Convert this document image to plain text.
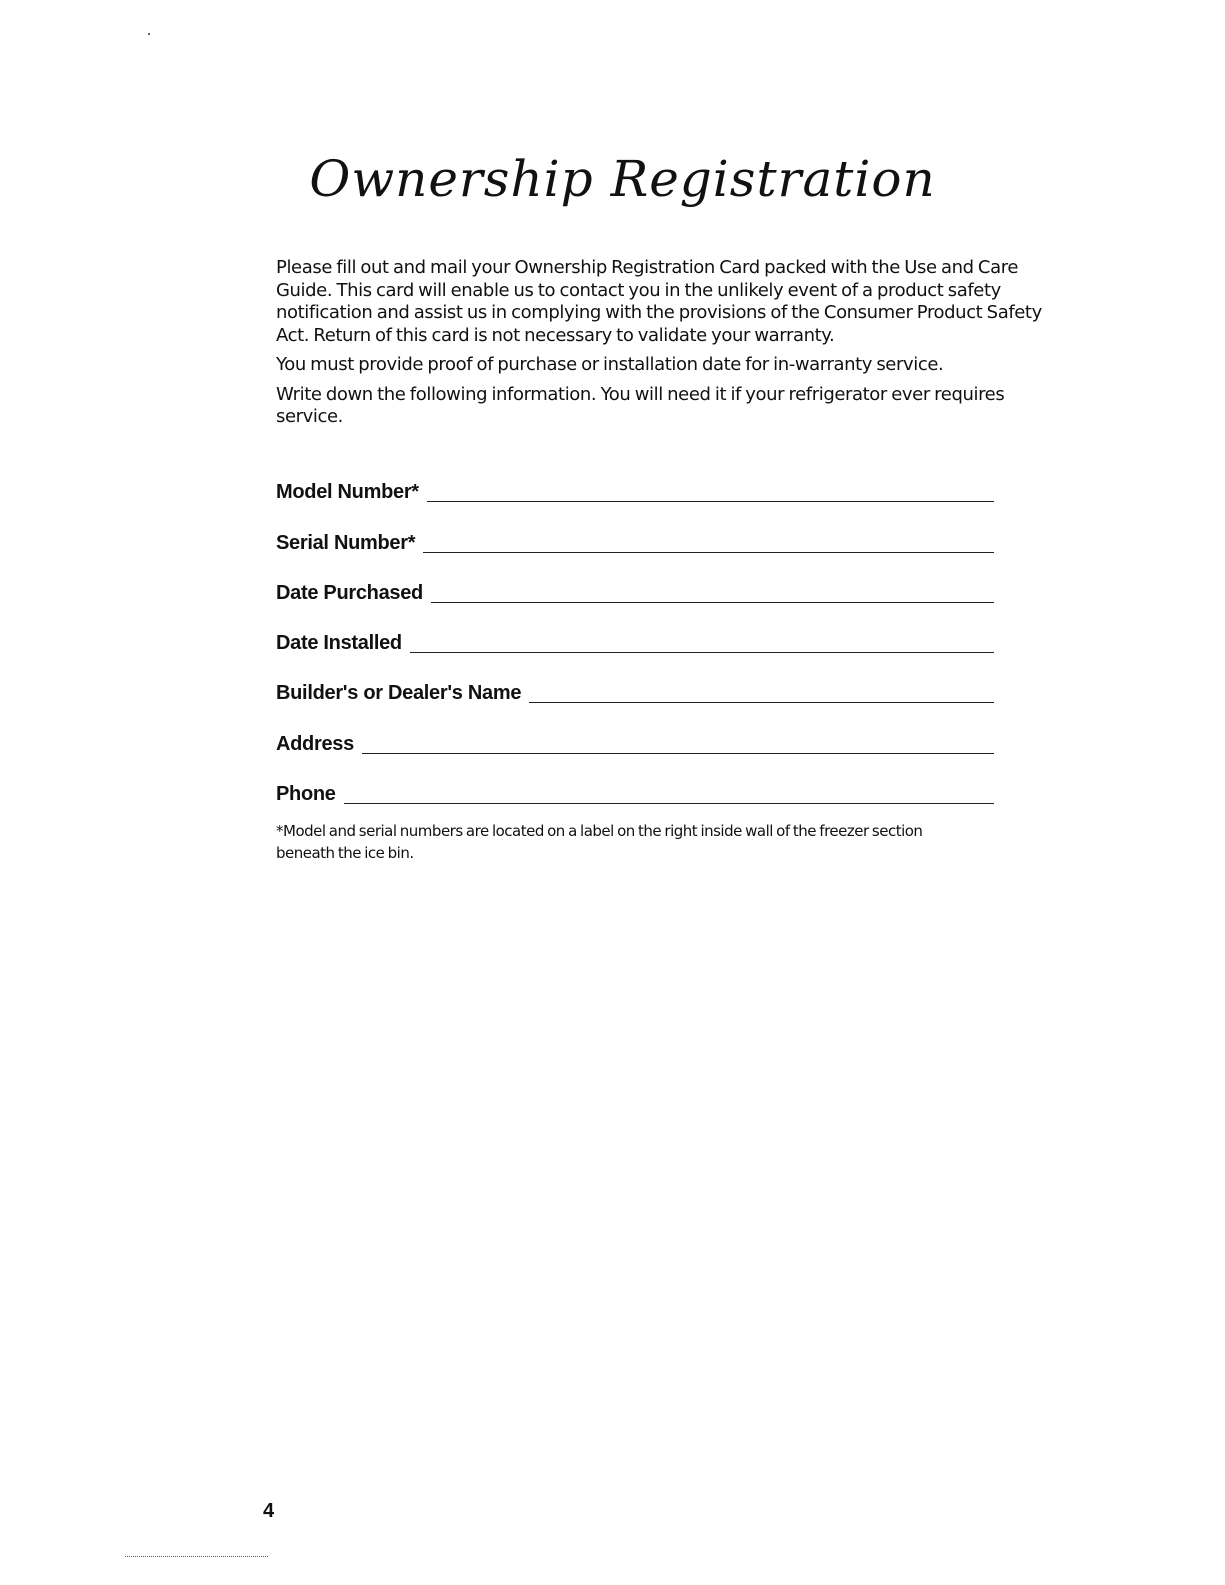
Ownership Registration

Please fill out and mail your Ownership Registration Card packed with the Use and Care Guide. This card will enable us to contact you in the unlikely event of a product safety notification and assist us in complying with the provisions of the Consumer Product Safety Act. Return of this card is not necessary to validate your warranty.

You must provide proof of purchase or installation date for in-warranty service.

Write down the following information. You will need it if your refrigerator ever requires service.

Model Number*
Serial Number*
Date Purchased
Date Installed
Builder's or Dealer's Name
Address
Phone

*Model and serial numbers are located on a label on the right inside wall of the freezer section beneath the ice bin.

4
